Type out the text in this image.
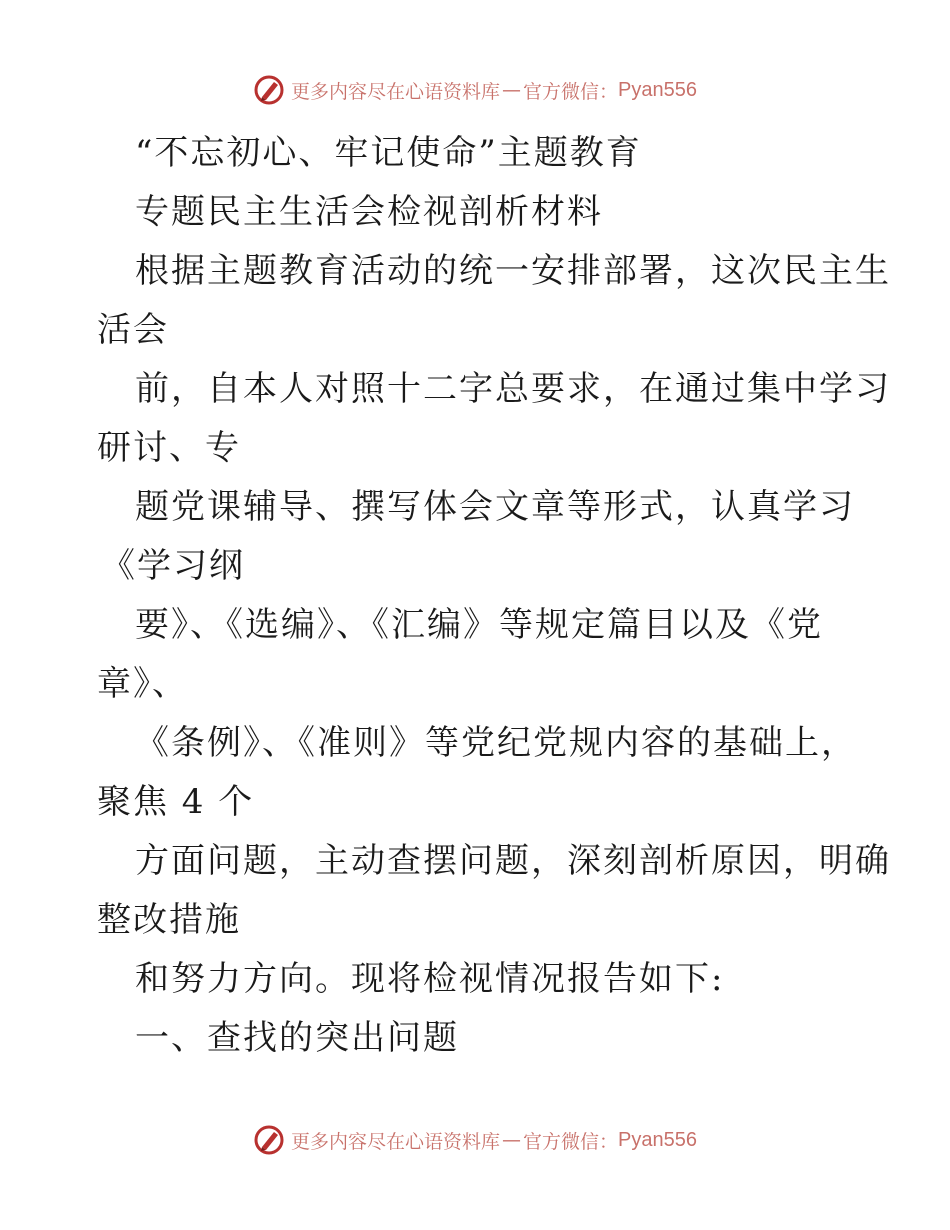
更多内容尽在心语资料库 — 官方微信： Pyan556
“不忘初心、牢记使命”主题教育
专题民主生活会检视剖析材料
根据主题教育活动的统一安排部署，这次民主生
活会
前，自本人对照十二字总要求，在通过集中学习
研讨、专
题党课辅导、撰写体会文章等形式，认真学习
《学习纲
要》、《选编》、《汇编》等规定篇目以及《党
章》、
《条例》、《准则》等党纪党规内容的基础上，
聚焦 4 个
方面问题，主动查摆问题，深刻剖析原因，明确
整改措施
和努力方向。现将检视情况报告如下:
一、查找的突出问题
更多内容尽在心语资料库 — 官方微信： Pyan556
